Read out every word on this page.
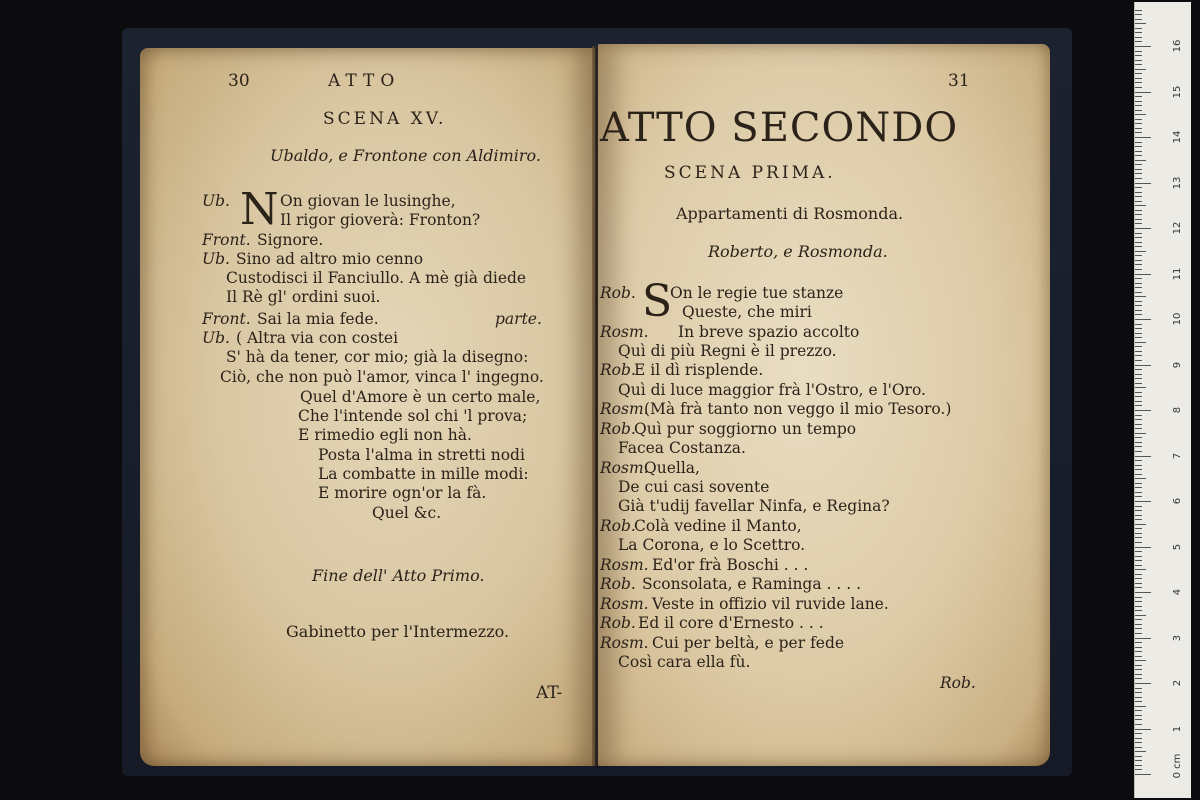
30	ATTO
SCENA XV.
Ubaldo, e Frontone con Aldimiro.
N
Ub.	On giovan le lusinghe,
Il rigor gioverà: Fronton?
Front. Signore.
Ub. Sino ad altro mio cenno
Custodisci il Fanciullo. A mè già diede
Il Rè gl' ordini suoi.
Front. Sai la mia fede.	parte.
Ub. ( Altra via con costei
S' hà da tener, cor mio; già la disegno:
Ciò, che non può l'amor, vinca l' ingegno.
Quel d'Amore è un certo male,
Che l'intende sol chi 'l prova;
E rimedio egli non hà.
Posta l'alma in stretti nodi
La combatte in mille modi:
E morire ogn'or la fà.
Quel &c.
Fine dell' Atto Primo.
Gabinetto per l'Intermezzo.
AT-
31
ATTO SECONDO
SCENA PRIMA.
Appartamenti di Rosmonda.
Roberto, e Rosmonda.
S
Rob. On le regie tue stanze
Queste, che miri
Rosm. In breve spazio accolto
Quì di più Regni è il prezzo.
Rob.
E il dì risplende.
Quì di luce maggior frà l'Ostro, e l'Oro.
Rosm.
(Mà frà tanto non veggo il mio Tesoro.)
Rob.
Quì pur soggiorno un tempo
Facea Costanza.
Rosm.
Quella,
De cui casi sovente
Già t'udij favellar Ninfa, e Regina?
Rob.
Colà vedine il Manto,
La Corona, e lo Scettro.
Rosm. Ed'or frà Boschi . . .
Rob. Sconsolata, e Raminga . . . .
Rosm. Veste in offizio vil ruvide lane.
Rob. Ed il core d'Ernesto . . .
Rosm. Cui per beltà, e per fede
Così cara ella fù.
Rob.
0 cm
1
2
3
4
5
6
7
8
9
10
11
12
13
14
15
16
